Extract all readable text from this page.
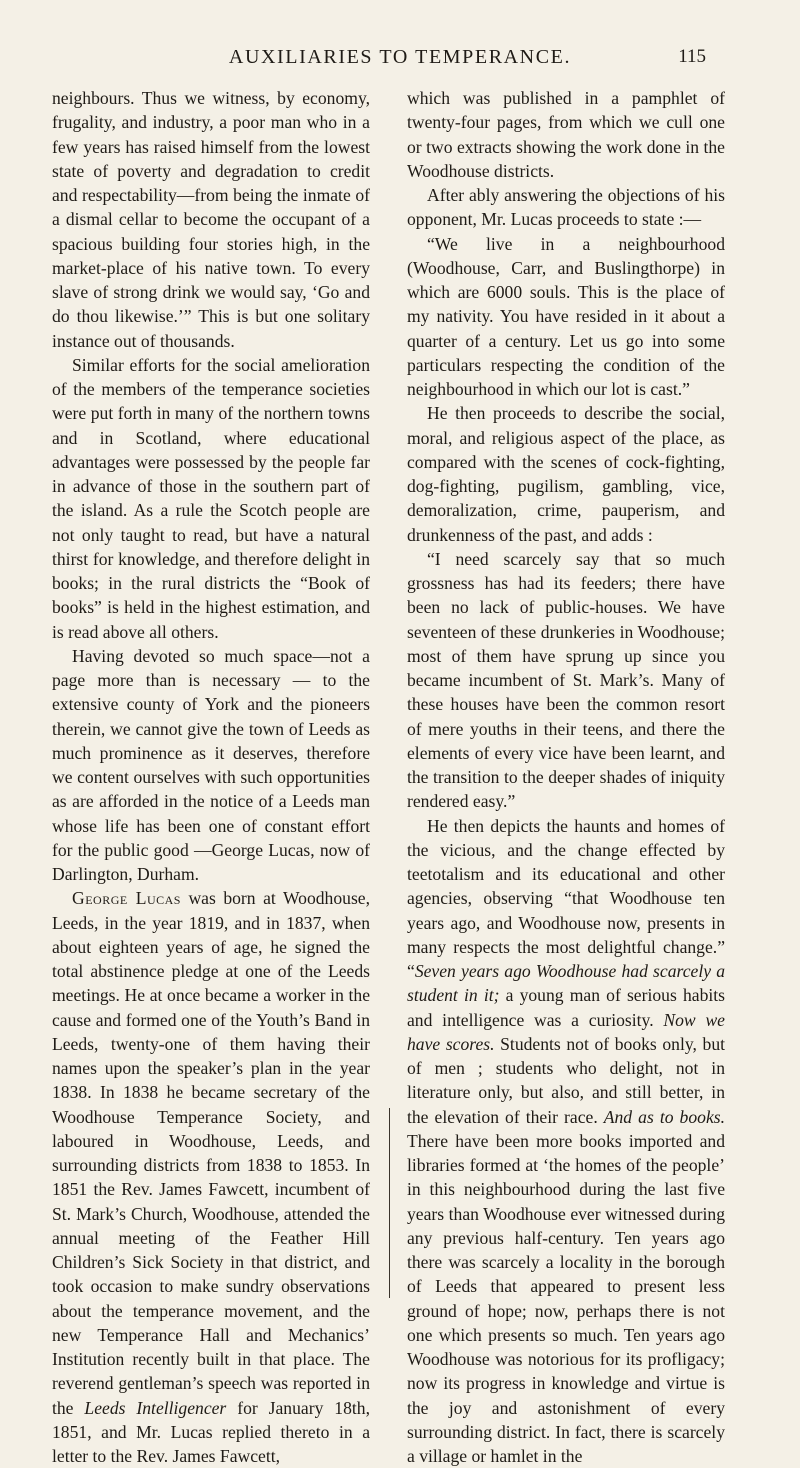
AUXILIARIES TO TEMPERANCE.	115

neighbours. Thus we witness, by economy, frugality, and industry, a poor man who in a few years has raised himself from the lowest state of poverty and degradation to credit and respectability—from being the inmate of a dismal cellar to become the occupant of a spacious building four stories high, in the market-place of his native town. To every slave of strong drink we would say, ‘Go and do thou likewise.’” This is but one solitary instance out of thousands.

Similar efforts for the social amelioration of the members of the temperance societies were put forth in many of the northern towns and in Scotland, where educational advantages were possessed by the people far in advance of those in the southern part of the island. As a rule the Scotch people are not only taught to read, but have a natural thirst for knowledge, and therefore delight in books; in the rural districts the “Book of books” is held in the highest estimation, and is read above all others.

Having devoted so much space—not a page more than is necessary — to the extensive county of York and the pioneers therein, we cannot give the town of Leeds as much prominence as it deserves, therefore we content ourselves with such opportunities as are afforded in the notice of a Leeds man whose life has been one of constant effort for the public good —George Lucas, now of Darlington, Durham.

George Lucas was born at Woodhouse, Leeds, in the year 1819, and in 1837, when about eighteen years of age, he signed the total abstinence pledge at one of the Leeds meetings. He at once became a worker in the cause and formed one of the Youth’s Band in Leeds, twenty-one of them having their names upon the speaker’s plan in the year 1838. In 1838 he became secretary of the Woodhouse Temperance Society, and laboured in Woodhouse, Leeds, and surrounding districts from 1838 to 1853. In 1851 the Rev. James Fawcett, incumbent of St. Mark’s Church, Woodhouse, attended the annual meeting of the Feather Hill Children’s Sick Society in that district, and took occasion to make sundry observations about the temperance movement, and the new Temperance Hall and Mechanics’ Institution recently built in that place. The reverend gentleman’s speech was reported in the Leeds Intelligencer for January 18th, 1851, and Mr. Lucas replied thereto in a letter to the Rev. James Fawcett,

which was published in a pamphlet of twenty-four pages, from which we cull one or two extracts showing the work done in the Woodhouse districts.

After ably answering the objections of his opponent, Mr. Lucas proceeds to state :—

“We live in a neighbourhood (Woodhouse, Carr, and Buslingthorpe) in which are 6000 souls. This is the place of my nativity. You have resided in it about a quarter of a century. Let us go into some particulars respecting the condition of the neighbourhood in which our lot is cast.”

He then proceeds to describe the social, moral, and religious aspect of the place, as compared with the scenes of cock-fighting, dog-fighting, pugilism, gambling, vice, demoralization, crime, pauperism, and drunkenness of the past, and adds :

“I need scarcely say that so much grossness has had its feeders; there have been no lack of public-houses. We have seventeen of these drunkeries in Woodhouse; most of them have sprung up since you became incumbent of St. Mark’s. Many of these houses have been the common resort of mere youths in their teens, and there the elements of every vice have been learnt, and the transition to the deeper shades of iniquity rendered easy.”

He then depicts the haunts and homes of the vicious, and the change effected by teetotalism and its educational and other agencies, observing “that Woodhouse ten years ago, and Woodhouse now, presents in many respects the most delightful change.” “Seven years ago Woodhouse had scarcely a student in it; a young man of serious habits and intelligence was a curiosity. Now we have scores. Students not of books only, but of men ; students who delight, not in literature only, but also, and still better, in the elevation of their race. And as to books. There have been more books imported and libraries formed at ‘the homes of the people’ in this neighbourhood during the last five years than Woodhouse ever witnessed during any previous half-century. Ten years ago there was scarcely a locality in the borough of Leeds that appeared to present less ground of hope; now, perhaps there is not one which presents so much. Ten years ago Woodhouse was notorious for its profligacy; now its progress in knowledge and virtue is the joy and astonishment of every surrounding district. In fact, there is scarcely a village or hamlet in the
